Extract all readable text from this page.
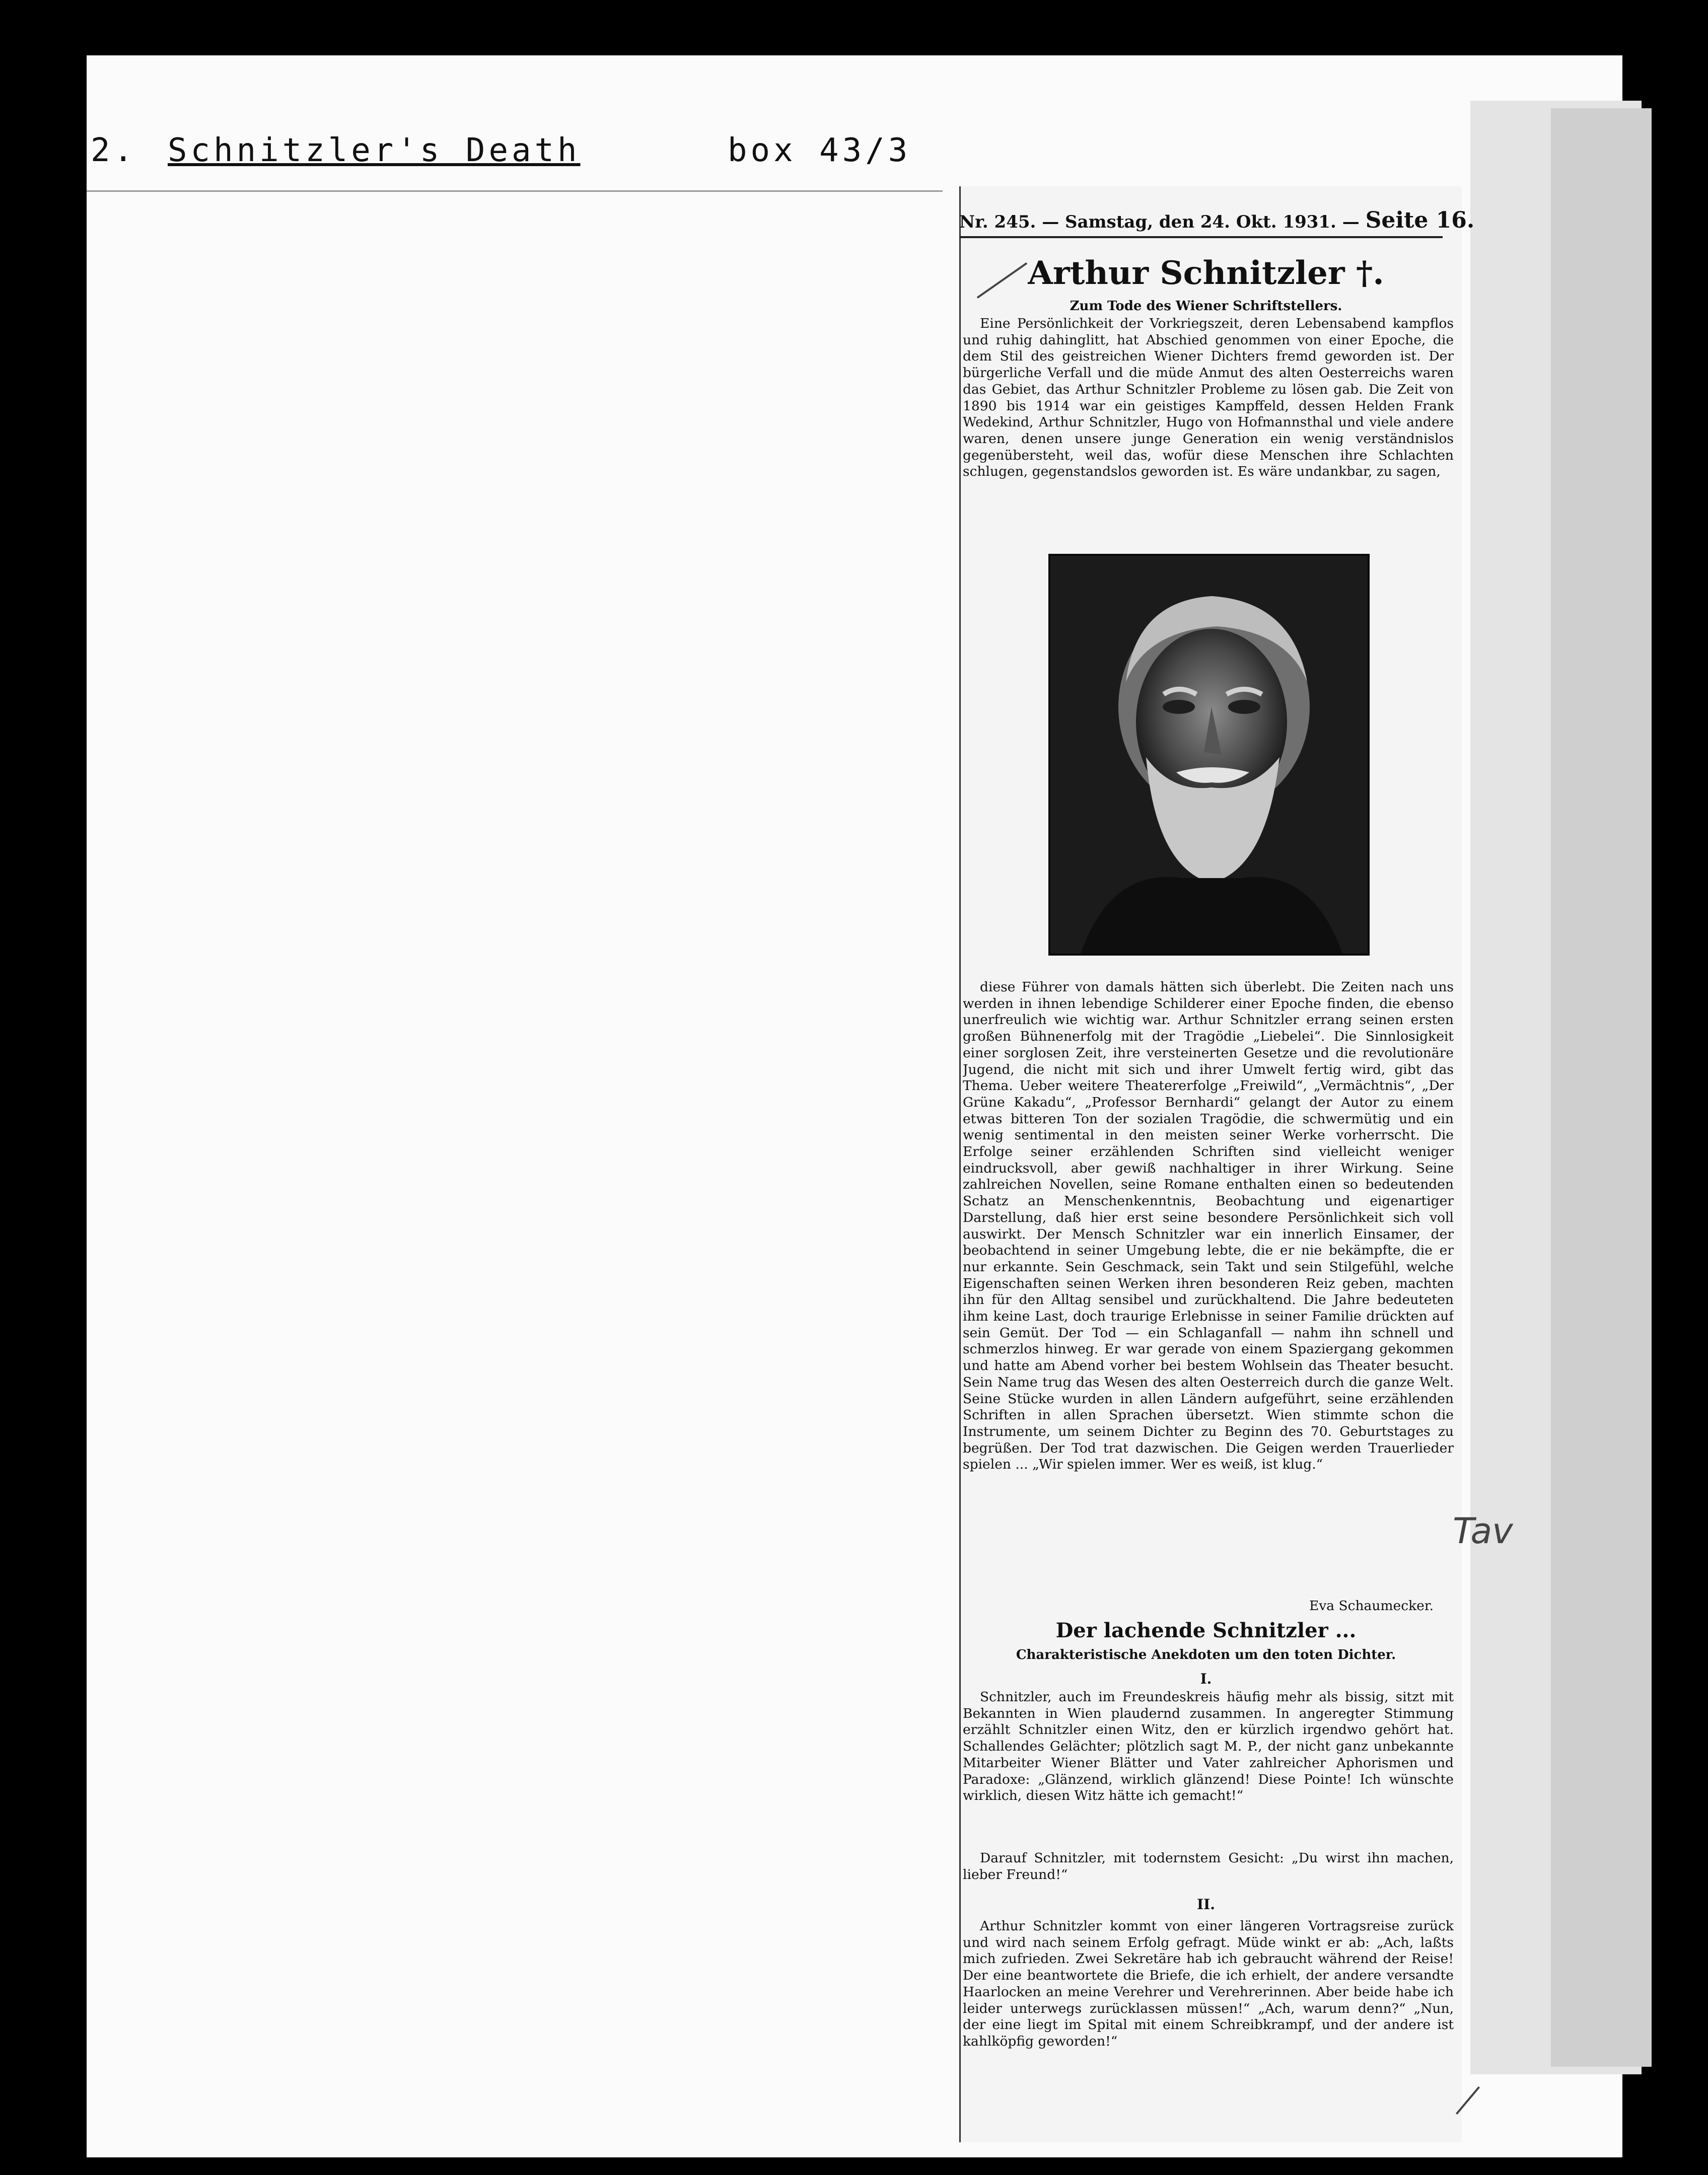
2. Schnitzler's Death	box 43/3
Nr. 245. — Samstag, den 24. Okt. 1931. — Seite 16.
Arthur Schnitzler †.
Zum Tode des Wiener Schriftstellers.
Eine Persönlichkeit der Vorkriegszeit, deren Lebensabend kampflos und ruhig dahinglitt, hat Abschied genommen von einer Epoche, die dem Stil des geistreichen Wiener Dichters fremd geworden ist. Der bürgerliche Verfall und die müde Anmut des alten Oesterreichs waren das Gebiet, das Arthur Schnitzler Probleme zu lösen gab. Die Zeit von 1890 bis 1914 war ein geistiges Kampffeld, dessen Helden Frank Wedekind, Arthur Schnitzler, Hugo von Hofmannsthal und viele andere waren, denen unsere junge Generation ein wenig verständnislos gegenübersteht, weil das, wofür diese Menschen ihre Schlachten schlugen, gegenstandslos geworden ist. Es wäre undankbar, zu sagen,
diese Führer von damals hätten sich überlebt. Die Zeiten nach uns werden in ihnen lebendige Schilderer einer Epoche finden, die ebenso unerfreulich wie wichtig war. Arthur Schnitzler errang seinen ersten großen Bühnenerfolg mit der Tragödie „Liebelei“. Die Sinnlosigkeit einer sorglosen Zeit, ihre versteinerten Gesetze und die revolutionäre Jugend, die nicht mit sich und ihrer Umwelt fertig wird, gibt das Thema. Ueber weitere Theatererfolge „Freiwild“, „Vermächtnis“, „Der Grüne Kakadu“, „Professor Bernhardi“ gelangt der Autor zu einem etwas bitteren Ton der sozialen Tragödie, die schwermütig und ein wenig sentimental in den meisten seiner Werke vorherrscht. Die Erfolge seiner erzählenden Schriften sind vielleicht weniger eindrucksvoll, aber gewiß nachhaltiger in ihrer Wirkung. Seine zahlreichen Novellen, seine Romane enthalten einen so bedeutenden Schatz an Menschenkenntnis, Beobachtung und eigenartiger Darstellung, daß hier erst seine besondere Persönlichkeit sich voll auswirkt. Der Mensch Schnitzler war ein innerlich Einsamer, der beobachtend in seiner Umgebung lebte, die er nie bekämpfte, die er nur erkannte. Sein Geschmack, sein Takt und sein Stilgefühl, welche Eigenschaften seinen Werken ihren besonderen Reiz geben, machten ihn für den Alltag sensibel und zurückhaltend. Die Jahre bedeuteten ihm keine Last, doch traurige Erlebnisse in seiner Familie drückten auf sein Gemüt. Der Tod — ein Schlaganfall — nahm ihn schnell und schmerzlos hinweg. Er war gerade von einem Spaziergang gekommen und hatte am Abend vorher bei bestem Wohlsein das Theater besucht. Sein Name trug das Wesen des alten Oesterreich durch die ganze Welt. Seine Stücke wurden in allen Ländern aufgeführt, seine erzählenden Schriften in allen Sprachen übersetzt. Wien stimmte schon die Instrumente, um seinem Dichter zu Beginn des 70. Geburtstages zu begrüßen. Der Tod trat dazwischen. Die Geigen werden Trauerlieder spielen ... „Wir spielen immer. Wer es weiß, ist klug.“
Eva Schaumecker.
Tav
Der lachende Schnitzler ...
Charakteristische Anekdoten um den toten Dichter.
I.
Schnitzler, auch im Freundeskreis häufig mehr als bissig, sitzt mit Bekannten in Wien plaudernd zusammen. In angeregter Stimmung erzählt Schnitzler einen Witz, den er kürzlich irgendwo gehört hat. Schallendes Gelächter; plötzlich sagt M. P., der nicht ganz unbekannte Mitarbeiter Wiener Blätter und Vater zahlreicher Aphorismen und Paradoxe: „Glänzend, wirklich glänzend! Diese Pointe! Ich wünschte wirklich, diesen Witz hätte ich gemacht!“
Darauf Schnitzler, mit todernstem Gesicht: „Du wirst ihn machen, lieber Freund!“
II.
Arthur Schnitzler kommt von einer längeren Vortragsreise zurück und wird nach seinem Erfolg gefragt. Müde winkt er ab: „Ach, laßts mich zufrieden. Zwei Sekretäre hab ich gebraucht während der Reise! Der eine beantwortete die Briefe, die ich erhielt, der andere versandte Haarlocken an meine Verehrer und Verehrerinnen. Aber beide habe ich leider unterwegs zurücklassen müssen!“ „Ach, warum denn?“ „Nun, der eine liegt im Spital mit einem Schreibkrampf, und der andere ist kahlköpfig geworden!“
